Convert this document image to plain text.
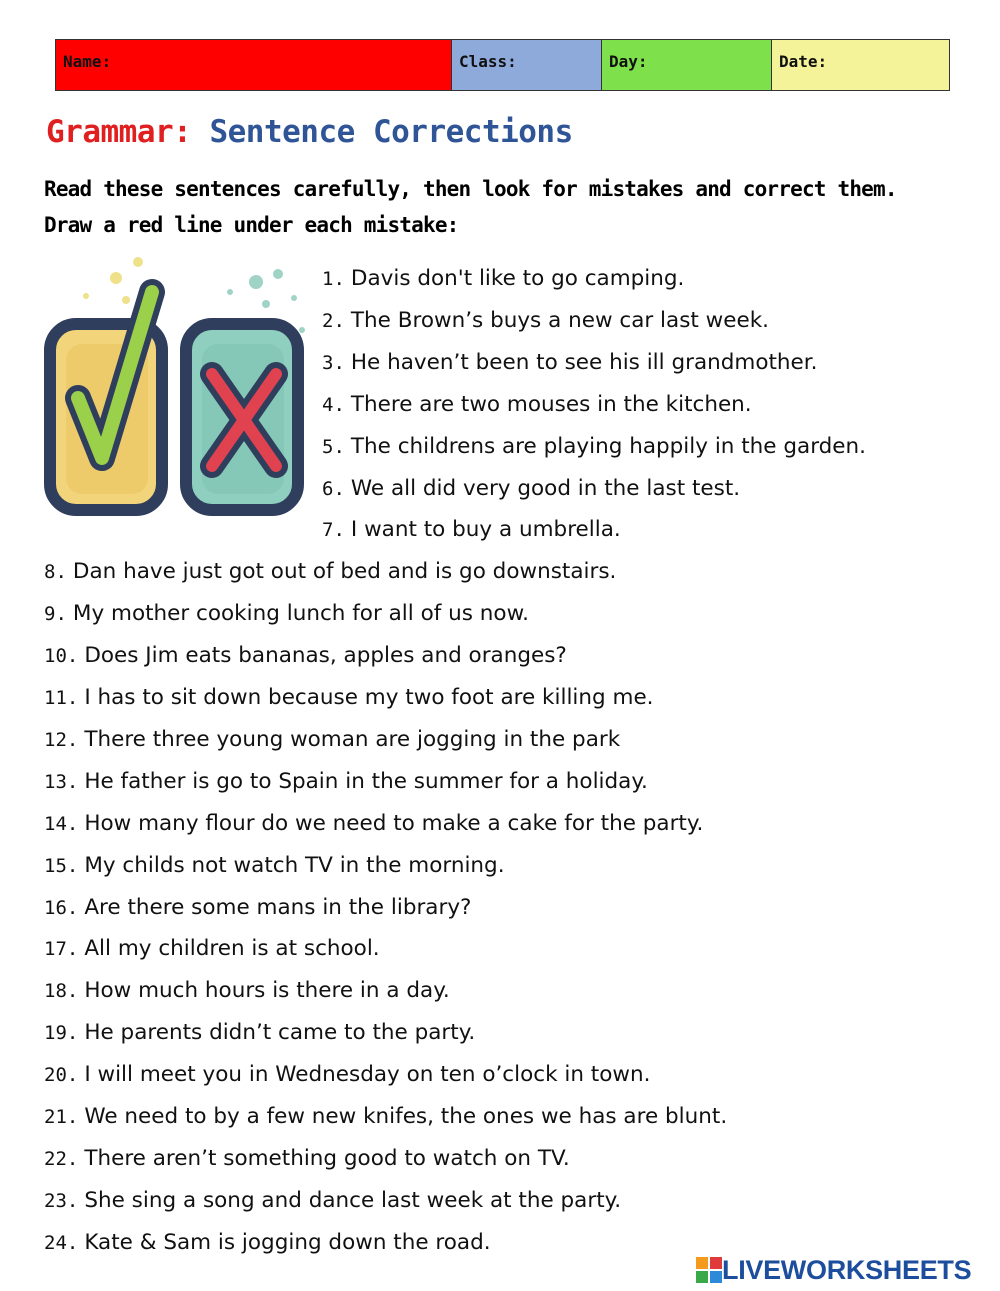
Name:	Class:	Day:	Date:
Grammar: Sentence Corrections

Read these sentences carefully, then look for mistakes and correct them. Draw a red line under each mistake:

1. Davis don't like to go camping.
2. The Brown’s buys a new car last week.
3. He haven’t been to see his ill grandmother.
4. There are two mouses in the kitchen.
5. The childrens are playing happily in the garden.
6. We all did very good in the last test.
7. I want to buy a umbrella.
8. Dan have just got out of bed and is go downstairs.
9. My mother cooking lunch for all of us now.
10. Does Jim eats bananas, apples and oranges?
11. I has to sit down because my two foot are killing me.
12. There three young woman are jogging in the park
13. He father is go to Spain in the summer for a holiday.
14. How many flour do we need to make a cake for the party.
15. My childs not watch TV in the morning.
16. Are there some mans in the library?
17. All my children is at school.
18. How much hours is there in a day.
19. He parents didn’t came to the party.
20. I will meet you in Wednesday on ten o’clock in town.
21. We need to by a few new knifes, the ones we has are blunt.
22. There aren’t something good to watch on TV.
23. She sing a song and dance last week at the party.
24. Kate & Sam is jogging down the road.
LIVEWORKSHEETS
